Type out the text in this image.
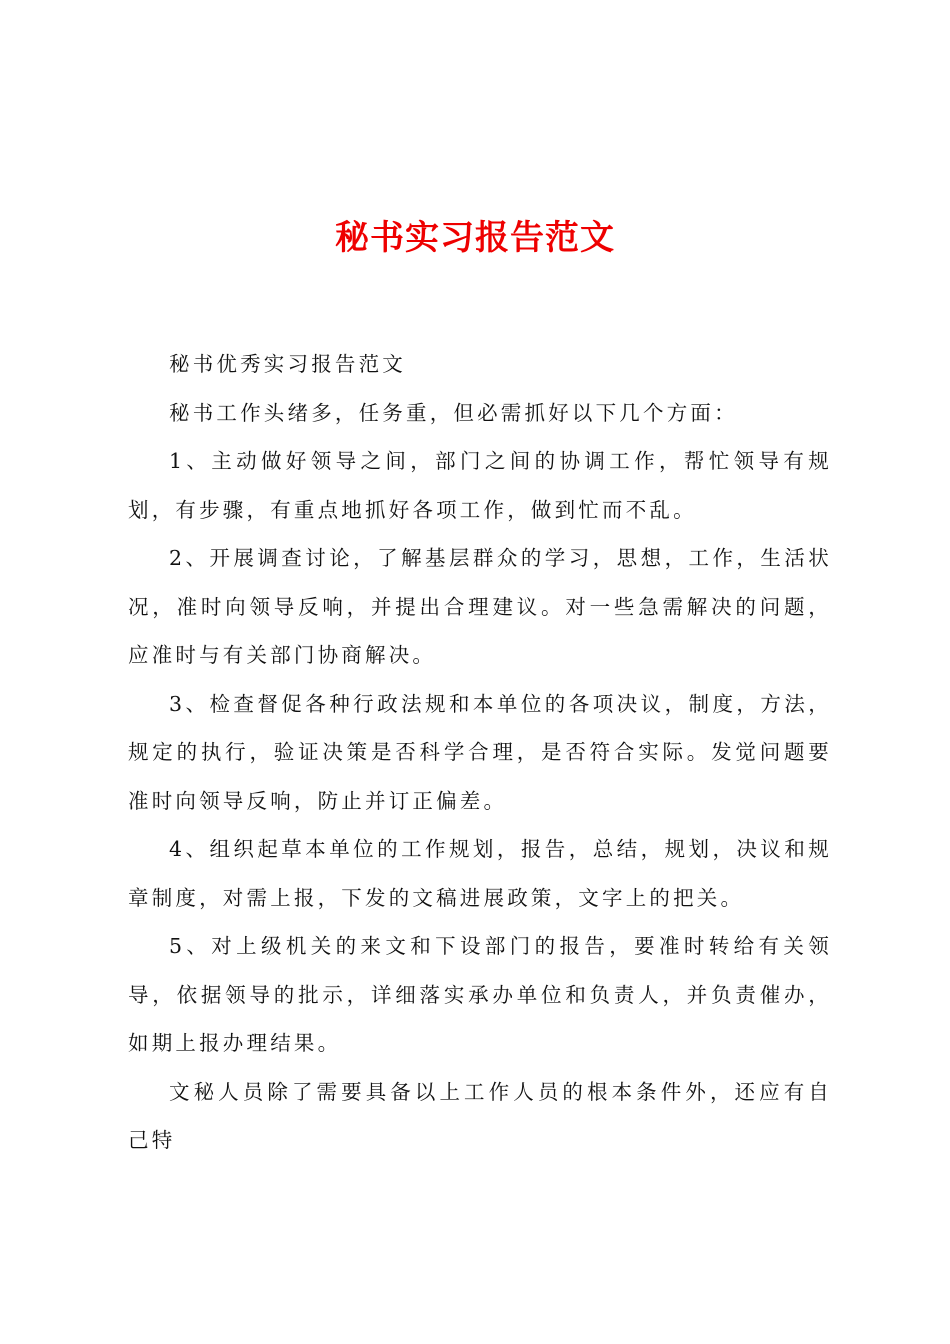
秘书实习报告范文

秘书优秀实习报告范文

秘书工作头绪多，任务重，但必需抓好以下几个方面：

1、主动做好领导之间，部门之间的协调工作，帮忙领导有规划，有步骤，有重点地抓好各项工作，做到忙而不乱。

2、开展调查讨论，了解基层群众的学习，思想，工作，生活状况，准时向领导反响，并提出合理建议。对一些急需解决的问题，应准时与有关部门协商解决。

3、检查督促各种行政法规和本单位的各项决议，制度，方法，规定的执行，验证决策是否科学合理，是否符合实际。发觉问题要准时向领导反响，防止并订正偏差。

4、组织起草本单位的工作规划，报告，总结，规划，决议和规章制度，对需上报，下发的文稿进展政策，文字上的把关。

5、对上级机关的来文和下设部门的报告，要准时转给有关领导，依据领导的批示，详细落实承办单位和负责人，并负责催办，如期上报办理结果。

文秘人员除了需要具备以上工作人员的根本条件外，还应有自己特
